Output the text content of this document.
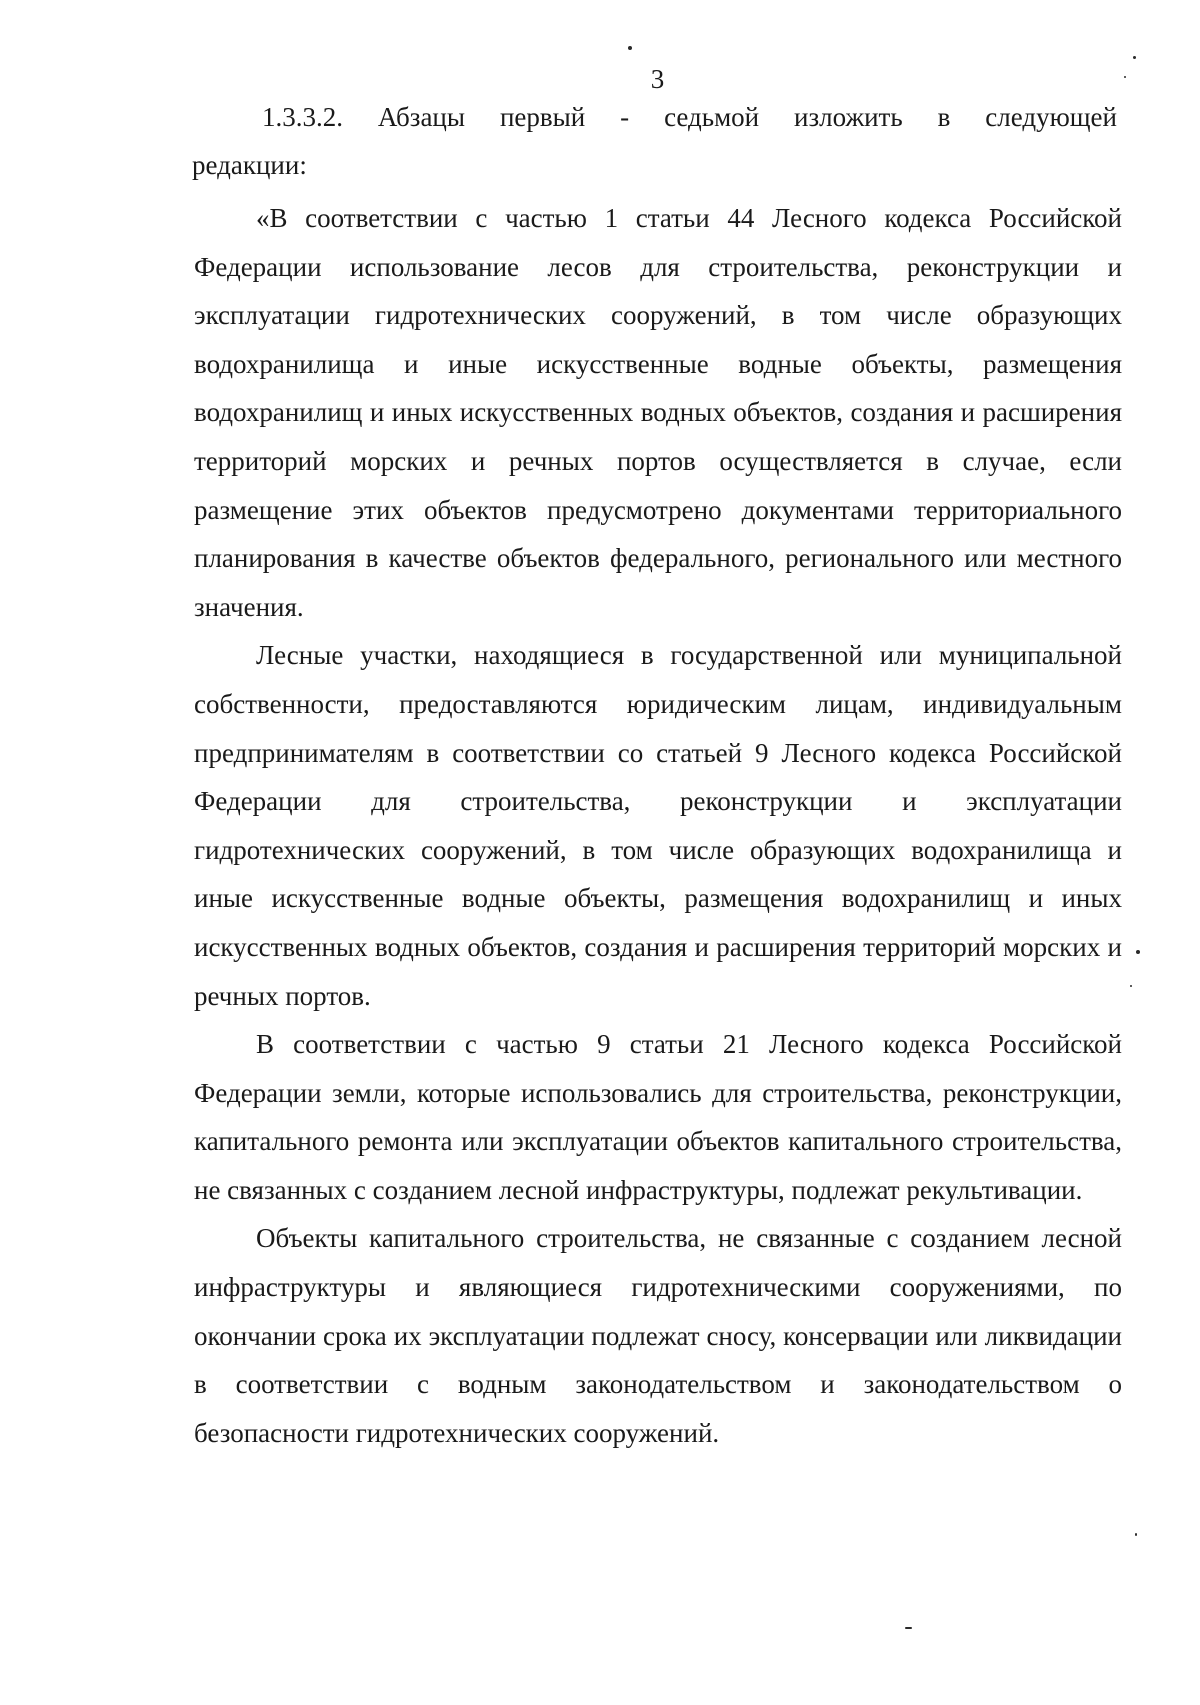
3
1.3.3.2. Абзацы первый - седьмой изложить в следующей
редакции:

«В соответствии с частью 1 статьи 44 Лесного кодекса Российской Федерации использование лесов для строительства, реконструкции и эксплуатации гидротехнических сооружений, в том числе образующих водохранилища и иные искусственные водные объекты, размещения водохранилищ и иных искусственных водных объектов, создания и расширения территорий морских и речных портов осуществляется в случае, если размещение этих объектов предусмотрено документами территориального планирования в качестве объектов федерального, регионального или местного значения.

Лесные участки, находящиеся в государственной или муниципальной собственности, предоставляются юридическим лицам, индивидуальным предпринимателям в соответствии со статьей 9 Лесного кодекса Российской Федерации для строительства, реконструкции и эксплуатации гидротехнических сооружений, в том числе образующих водохранилища и иные искусственные водные объекты, размещения водохранилищ и иных искусственных водных объектов, создания и расширения территорий морских и речных портов.

В соответствии с частью 9 статьи 21 Лесного кодекса Российской Федерации земли, которые использовались для строительства, реконструкции, капитального ремонта или эксплуатации объектов капитального строительства, не связанных с созданием лесной инфраструктуры, подлежат рекультивации.

Объекты капитального строительства, не связанные с созданием лесной инфраструктуры и являющиеся гидротехническими сооружениями, по окончании срока их эксплуатации подлежат сносу, консервации или ликвидации в соответствии с водным законодательством и законодательством о безопасности гидротехнических сооружений.
